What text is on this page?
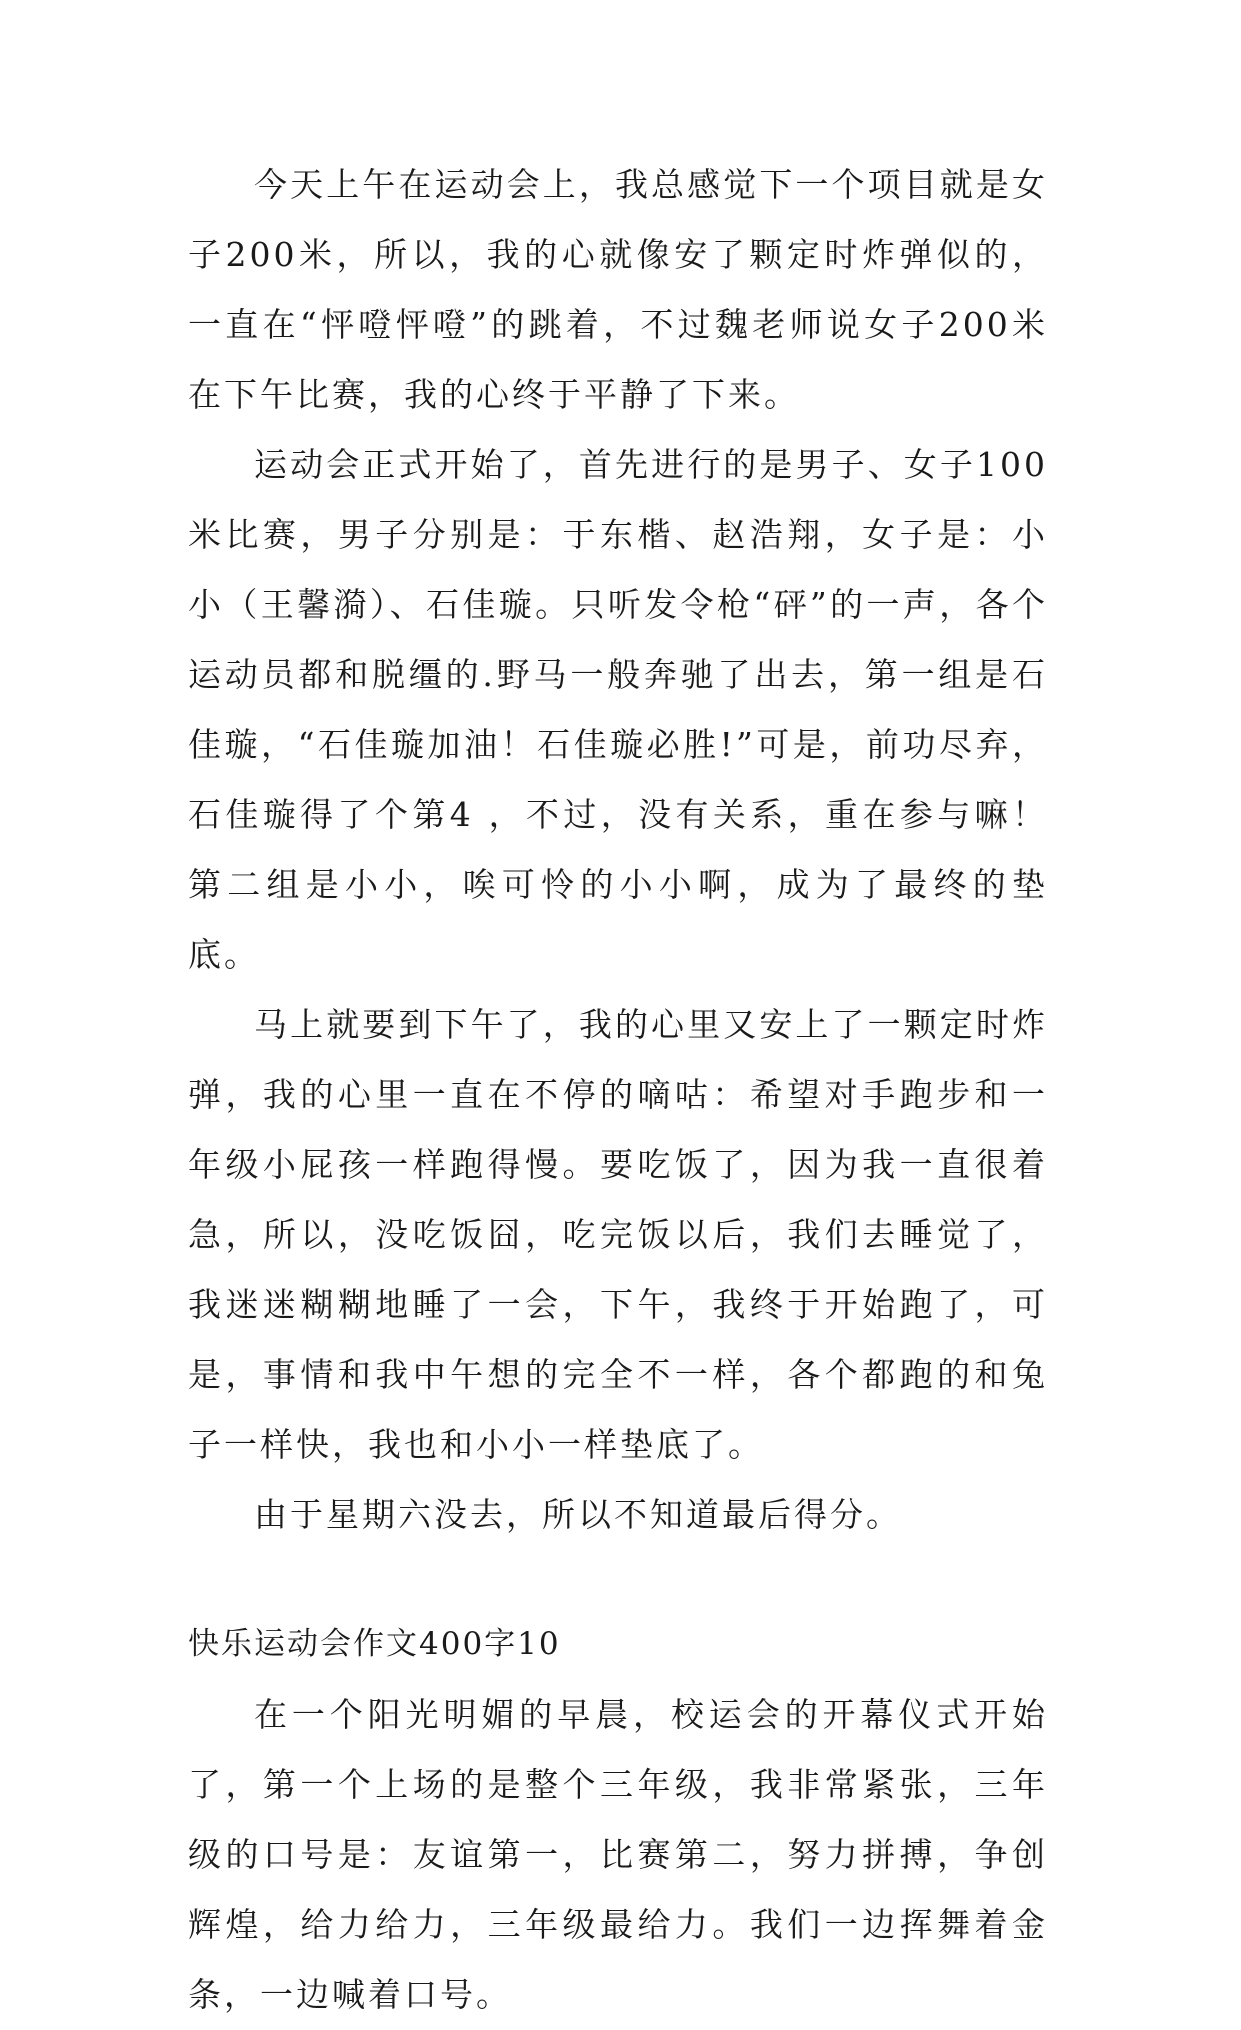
今天上午在运动会上，我总感觉下一个项目就是女子200米，所以，我的心就像安了颗定时炸弹似的，一直在“怦噔怦噔”的跳着，不过魏老师说女子200米在下午比赛，我的心终于平静了下来。

运动会正式开始了，首先进行的是男子、女子100米比赛，男子分别是：于东楷、赵浩翔，女子是：小小（王馨漪）、石佳璇。只听发令枪“砰”的一声，各个运动员都和脱缰的.野马一般奔驰了出去，第一组是石佳璇，“石佳璇加油！石佳璇必胜!”可是，前功尽弃，石佳璇得了个第4 ，不过，没有关系，重在参与嘛！第二组是小小，唉可怜的小小啊，成为了最终的垫底。

马上就要到下午了，我的心里又安上了一颗定时炸弹，我的心里一直在不停的嘀咕：希望对手跑步和一年级小屁孩一样跑得慢。要吃饭了，因为我一直很着急，所以，没吃饭囧，吃完饭以后，我们去睡觉了，我迷迷糊糊地睡了一会，下午，我终于开始跑了，可是，事情和我中午想的完全不一样，各个都跑的和兔子一样快，我也和小小一样垫底了。

由于星期六没去，所以不知道最后得分。

快乐运动会作文400字10

在一个阳光明媚的早晨，校运会的开幕仪式开始了，第一个上场的是整个三年级，我非常紧张，三年级的口号是：友谊第一，比赛第二，努力拼搏，争创辉煌，给力给力，三年级最给力。我们一边挥舞着金条，一边喊着口号。
